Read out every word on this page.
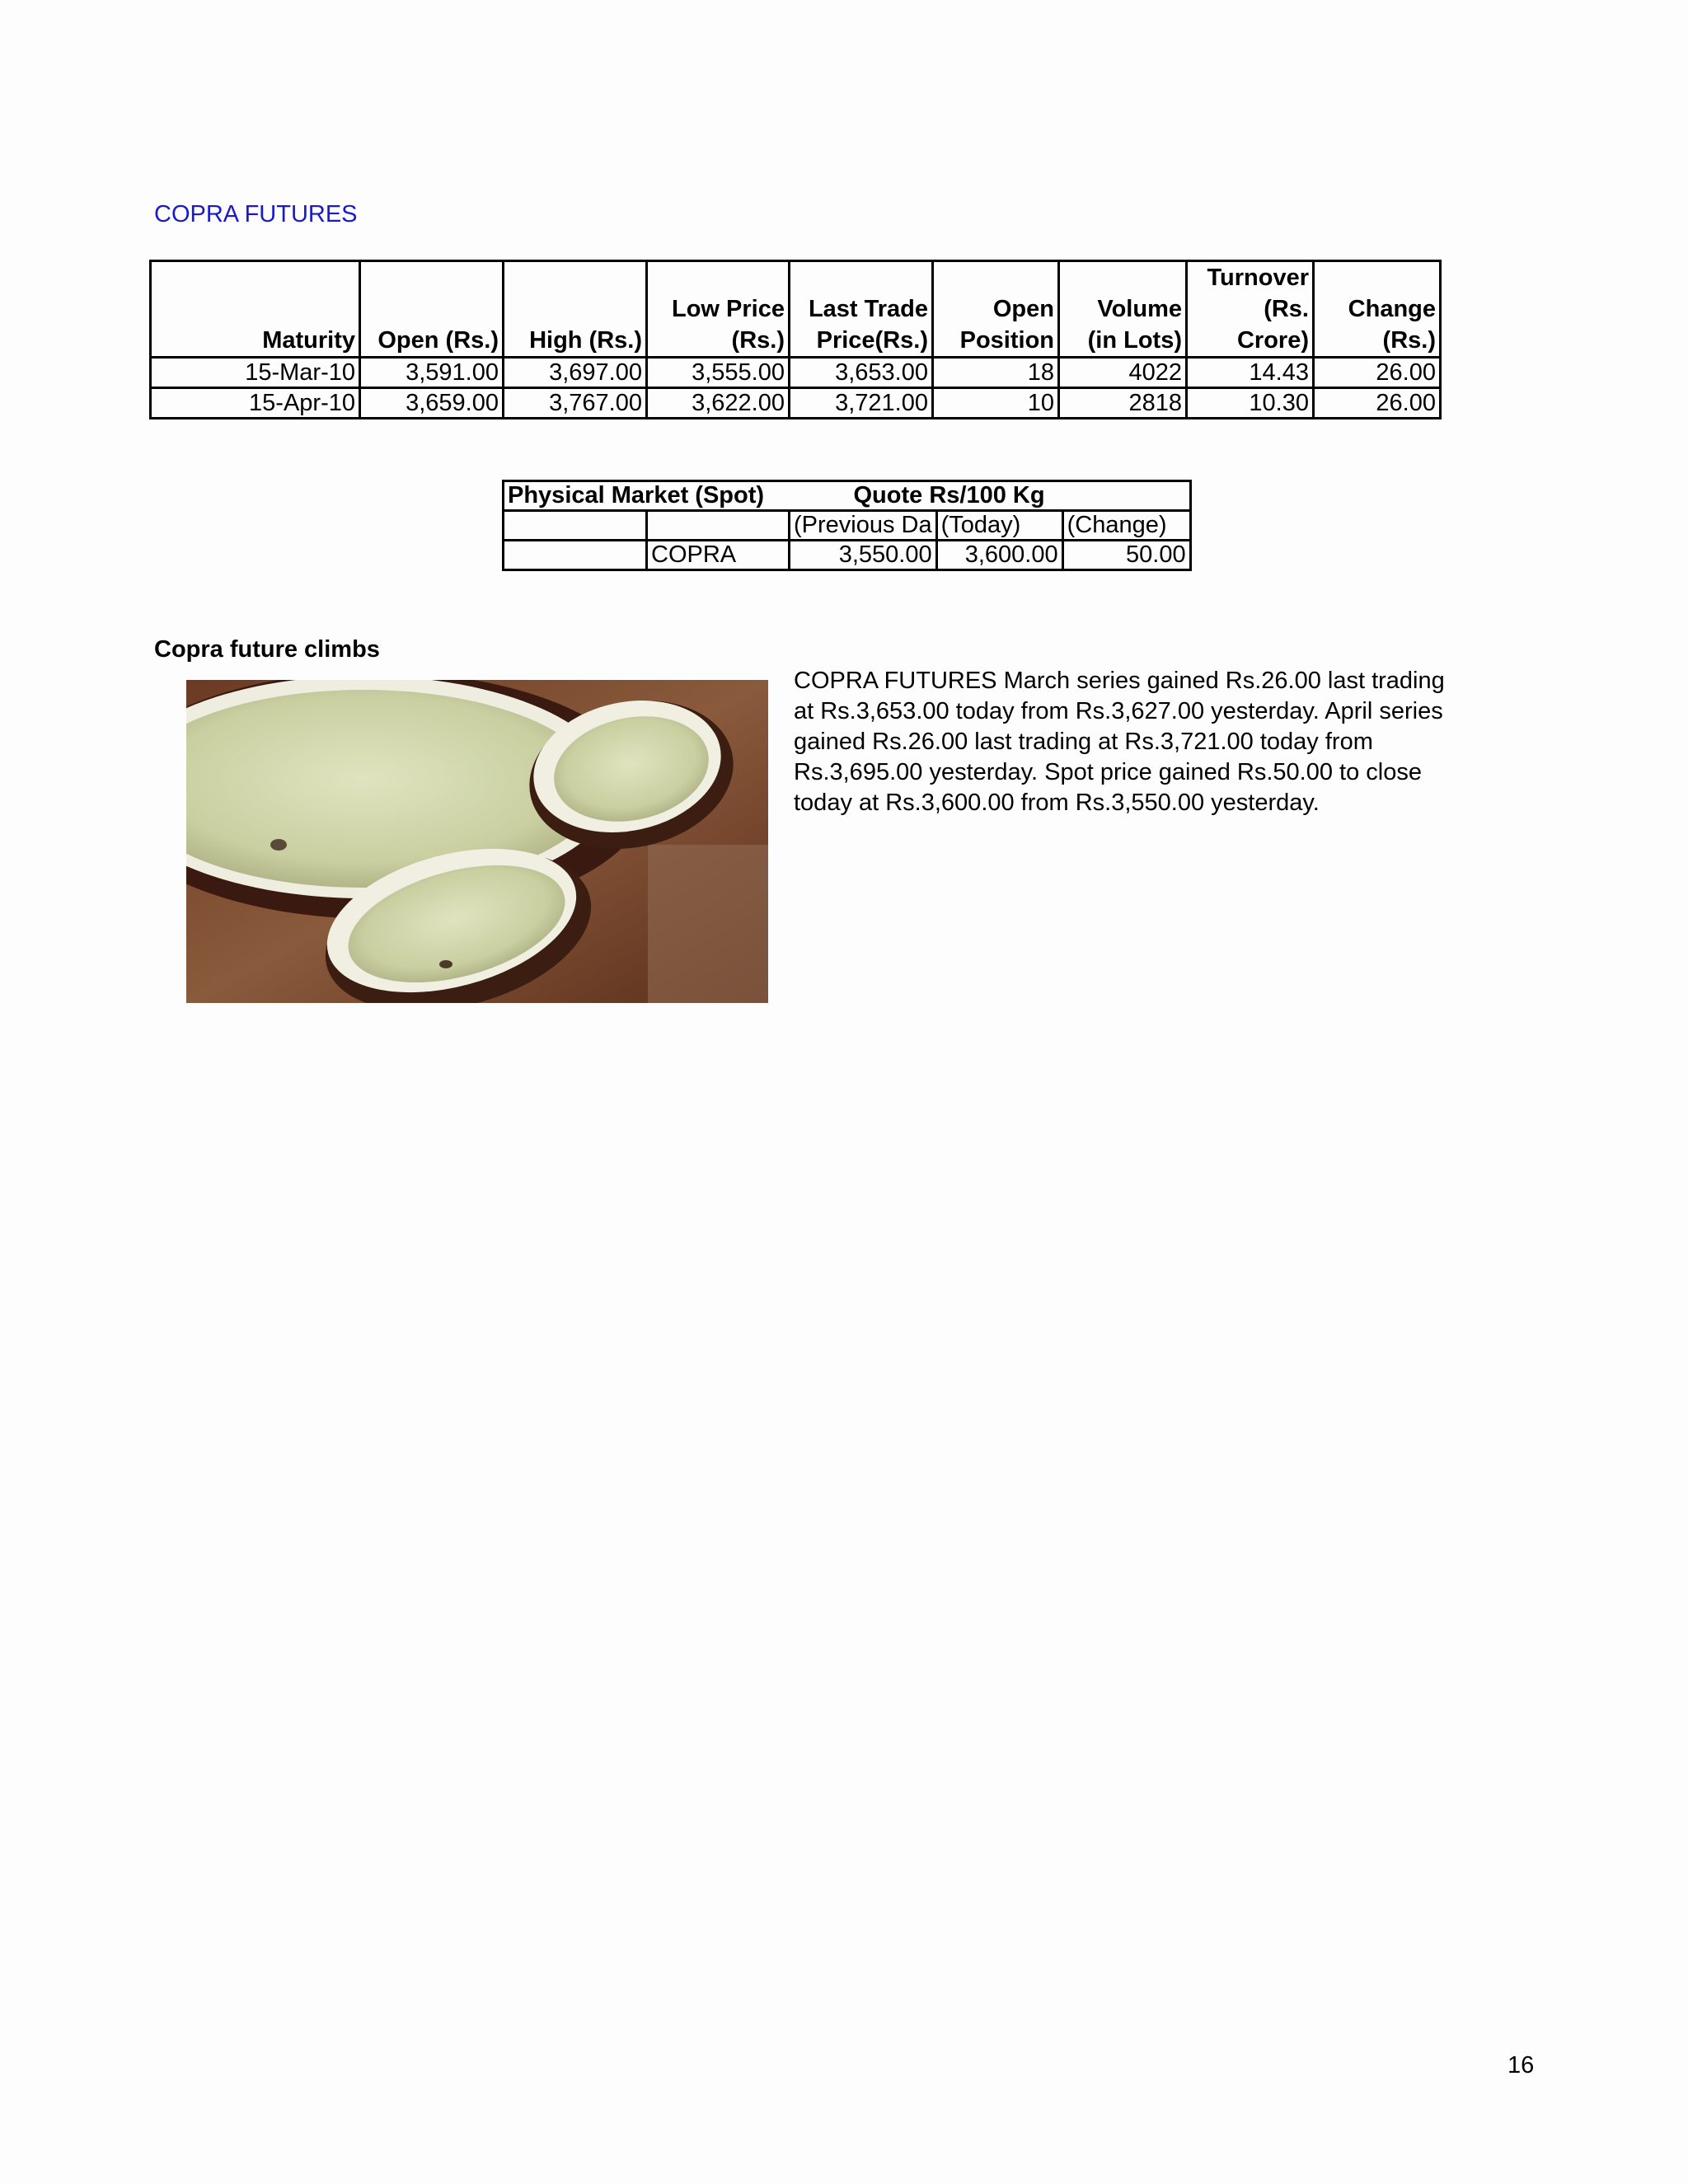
COPRA FUTURES
Maturity	Open (Rs.)	High (Rs.)	Low Price (Rs.)	Last Trade Price(Rs.)	Open Position	Volume (in Lots)	Turnover (Rs. Crore)	Change (Rs.)
15-Mar-10	3,591.00	3,697.00	3,555.00	3,653.00	18	4022	14.43	26.00
15-Apr-10	3,659.00	3,767.00	3,622.00	3,721.00	10	2818	10.30	26.00
Physical Market (Spot)		Quote Rs/100 Kg		
		(Previous Da	(Today)	(Change)
	COPRA	3,550.00	3,600.00	50.00
Copra future climbs
COPRA FUTURES March series gained Rs.26.00 last trading at Rs.3,653.00 today from Rs.3,627.00 yesterday. April series gained Rs.26.00 last trading at Rs.3,721.00 today from Rs.3,695.00 yesterday. Spot price gained Rs.50.00 to close today at Rs.3,600.00 from Rs.3,550.00 yesterday.
16
